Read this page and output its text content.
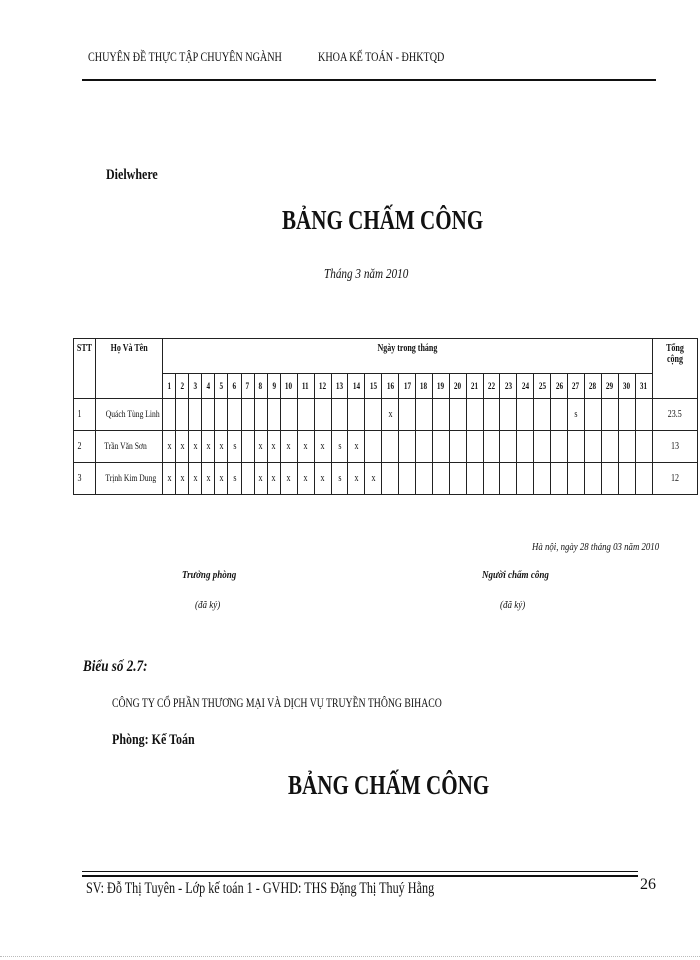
CHUYÊN ĐỀ THỰC TẬP CHUYÊN NGÀNH	KHOA KẾ TOÁN - ĐHKTQD
Dielwhere
BẢNG CHẤM CÔNG
Tháng 3 năm 2010
STT	Họ Và Tên	Ngày trong tháng																															Tổng cộng
		1	2	3	4	5	6	7	8	9	10	11	12	13	14	15	16	17	18	19	20	21	22	23	24	25	26	27	28	29	30	31	
1	Quách Tùng Linh																x											s					23.5
2	Trần Văn Sơn	x	x	x	x	x	s		x	x	x	x	x	s	x																		13
3	Trịnh Kim Dung	x	x	x	x	x	s		x	x	x	x	x	s	x	x																	12
Hà nội, ngày 28 tháng 03 năm 2010
Trưởng phòng
(đã ký)
Người chấm công
(đã ký)
Biểu số 2.7:
CÔNG TY CỔ PHẦN THƯƠNG MẠI VÀ DỊCH VỤ TRUYỀN THÔNG BIHACO
Phòng: Kế Toán
BẢNG CHẤM CÔNG
SV: Đỗ Thị Tuyên - Lớp kế toán 1 - GVHD: THS Đặng Thị Thuý Hằng	26
